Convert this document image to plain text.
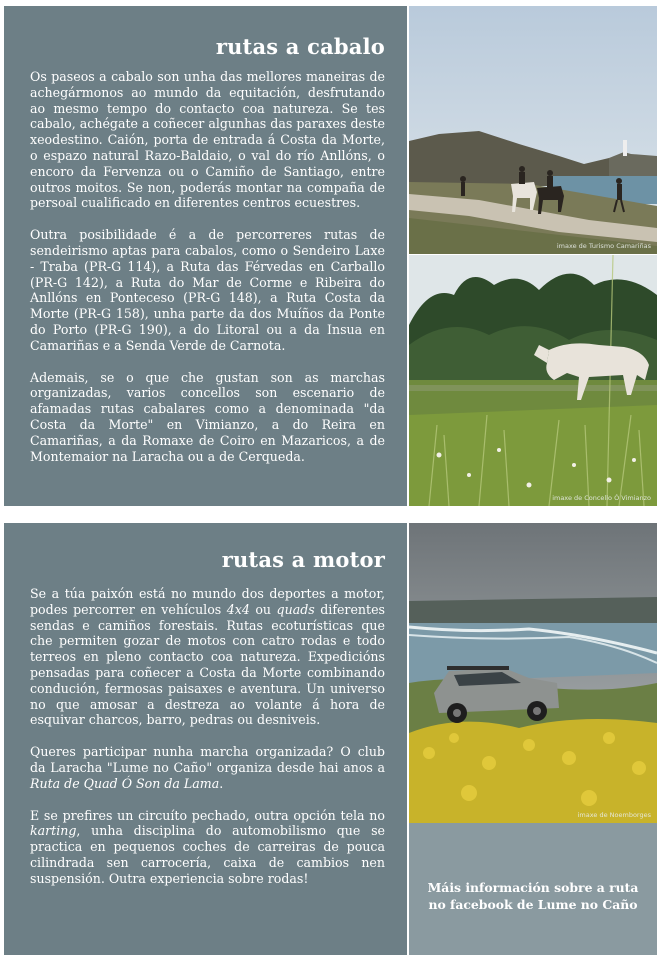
rutas a cabalo

Os paseos a cabalo son unha das mellores maneiras de achegármonos ao mundo da equitación, desfrutando ao mesmo tempo do contacto coa natureza. Se tes cabalo, achégate a coñecer algunhas das paraxes deste xeodestino. Caión, porta de entrada á Costa da Morte, o espazo natural Razo-Baldaio, o val do río Anllóns, o encoro da Fervenza ou o Camiño de Santiago, entre outros moitos. Se non, poderás montar na compaña de persoal cualificado en diferentes centros ecuestres.

Outra posibilidade é a de percorreres rutas de sendeirismo aptas para cabalos, como o Sendeiro Laxe - Traba (PR-G 114), a Ruta das Férvedas en Carballo (PR-G 142), a Ruta do Mar de Corme e Ribeira do Anllóns en Ponteceso (PR-G 148), a Ruta Costa da Morte (PR-G 158), unha parte da dos Muíños da Ponte do Porto (PR-G 190), a do Litoral ou a da Insua en Camariñas e a Senda Verde de Carnota.

Ademais, se o que che gustan son as marchas organizadas, varios concellos son escenario de afamadas rutas cabalares como a denominada "da Costa da Morte" en Vimianzo, a do Reira en Camariñas, a da Romaxe de Coiro en Mazaricos, a de Montemaior na Laracha ou a de Cerqueda.

imaxe de Turismo Camariñas
imaxe de Concello Ó Vimianzo
rutas a motor

Se a túa paixón está no mundo dos deportes a motor, podes percorrer en vehículos 4x4 ou quads diferentes sendas e camiños forestais. Rutas ecoturísticas que che permiten gozar de motos con catro rodas e todo terreos en pleno contacto coa natureza. Expedicións pensadas para coñecer a Costa da Morte combinando condución, fermosas paisaxes e aventura. Un universo no que amosar a destreza ao volante á hora de esquivar charcos, barro, pedras ou desniveis.

Queres participar nunha marcha organizada? O club da Laracha "Lume no Caño" organiza desde hai anos a Ruta de Quad Ó Son da Lama.

E se prefires un circuíto pechado, outra opción tela no karting, unha disciplina do automobilismo que se practica en pequenos coches de carreiras de pouca cilindrada sen carrocería, caixa de cambios nen suspensión. Outra experiencia sobre rodas!

imaxe de Noemborges
Máis información sobre a ruta
no facebook de Lume no Caño
